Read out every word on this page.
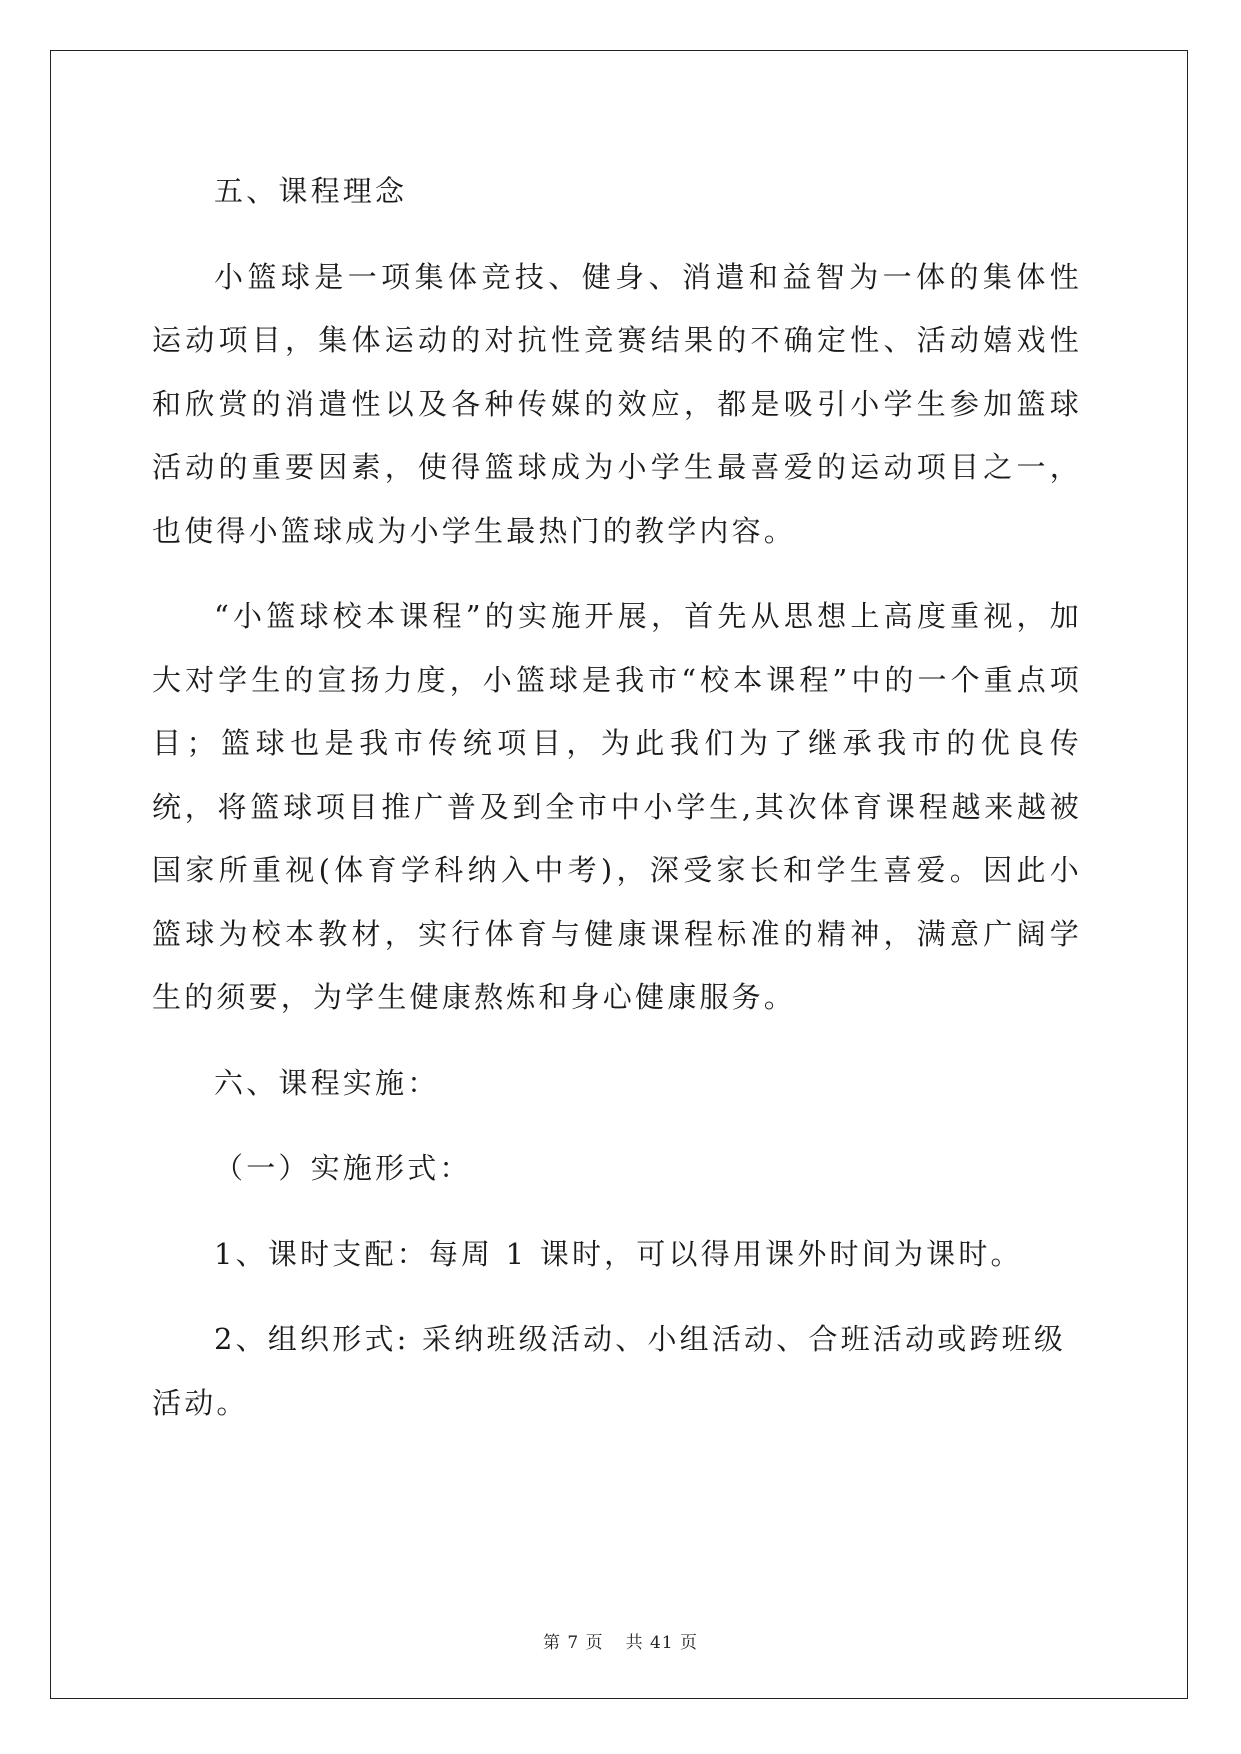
五、课程理念

小篮球是一项集体竞技、健身、消遣和益智为一体的集体性运动项目，集体运动的对抗性竞赛结果的不确定性、活动嬉戏性和欣赏的消遣性以及各种传媒的效应，都是吸引小学生参加篮球活动的重要因素，使得篮球成为小学生最喜爱的运动项目之一，也使得小篮球成为小学生最热门的教学内容。

“小篮球校本课程”的实施开展，首先从思想上高度重视，加大对学生的宣扬力度，小篮球是我市“校本课程”中的一个重点项目；篮球也是我市传统项目，为此我们为了继承我市的优良传统，将篮球项目推广普及到全市中小学生,其次体育课程越来越被国家所重视(体育学科纳入中考)，深受家长和学生喜爱。因此小篮球为校本教材，实行体育与健康课程标准的精神，满意广阔学生的须要，为学生健康熬炼和身心健康服务。

六、课程实施：

（一）实施形式：

1、课时支配：每周 1 课时，可以得用课外时间为课时。

2、组织形式: 采纳班级活动、小组活动、合班活动或跨班级活动。

第 7 页 共 41 页
